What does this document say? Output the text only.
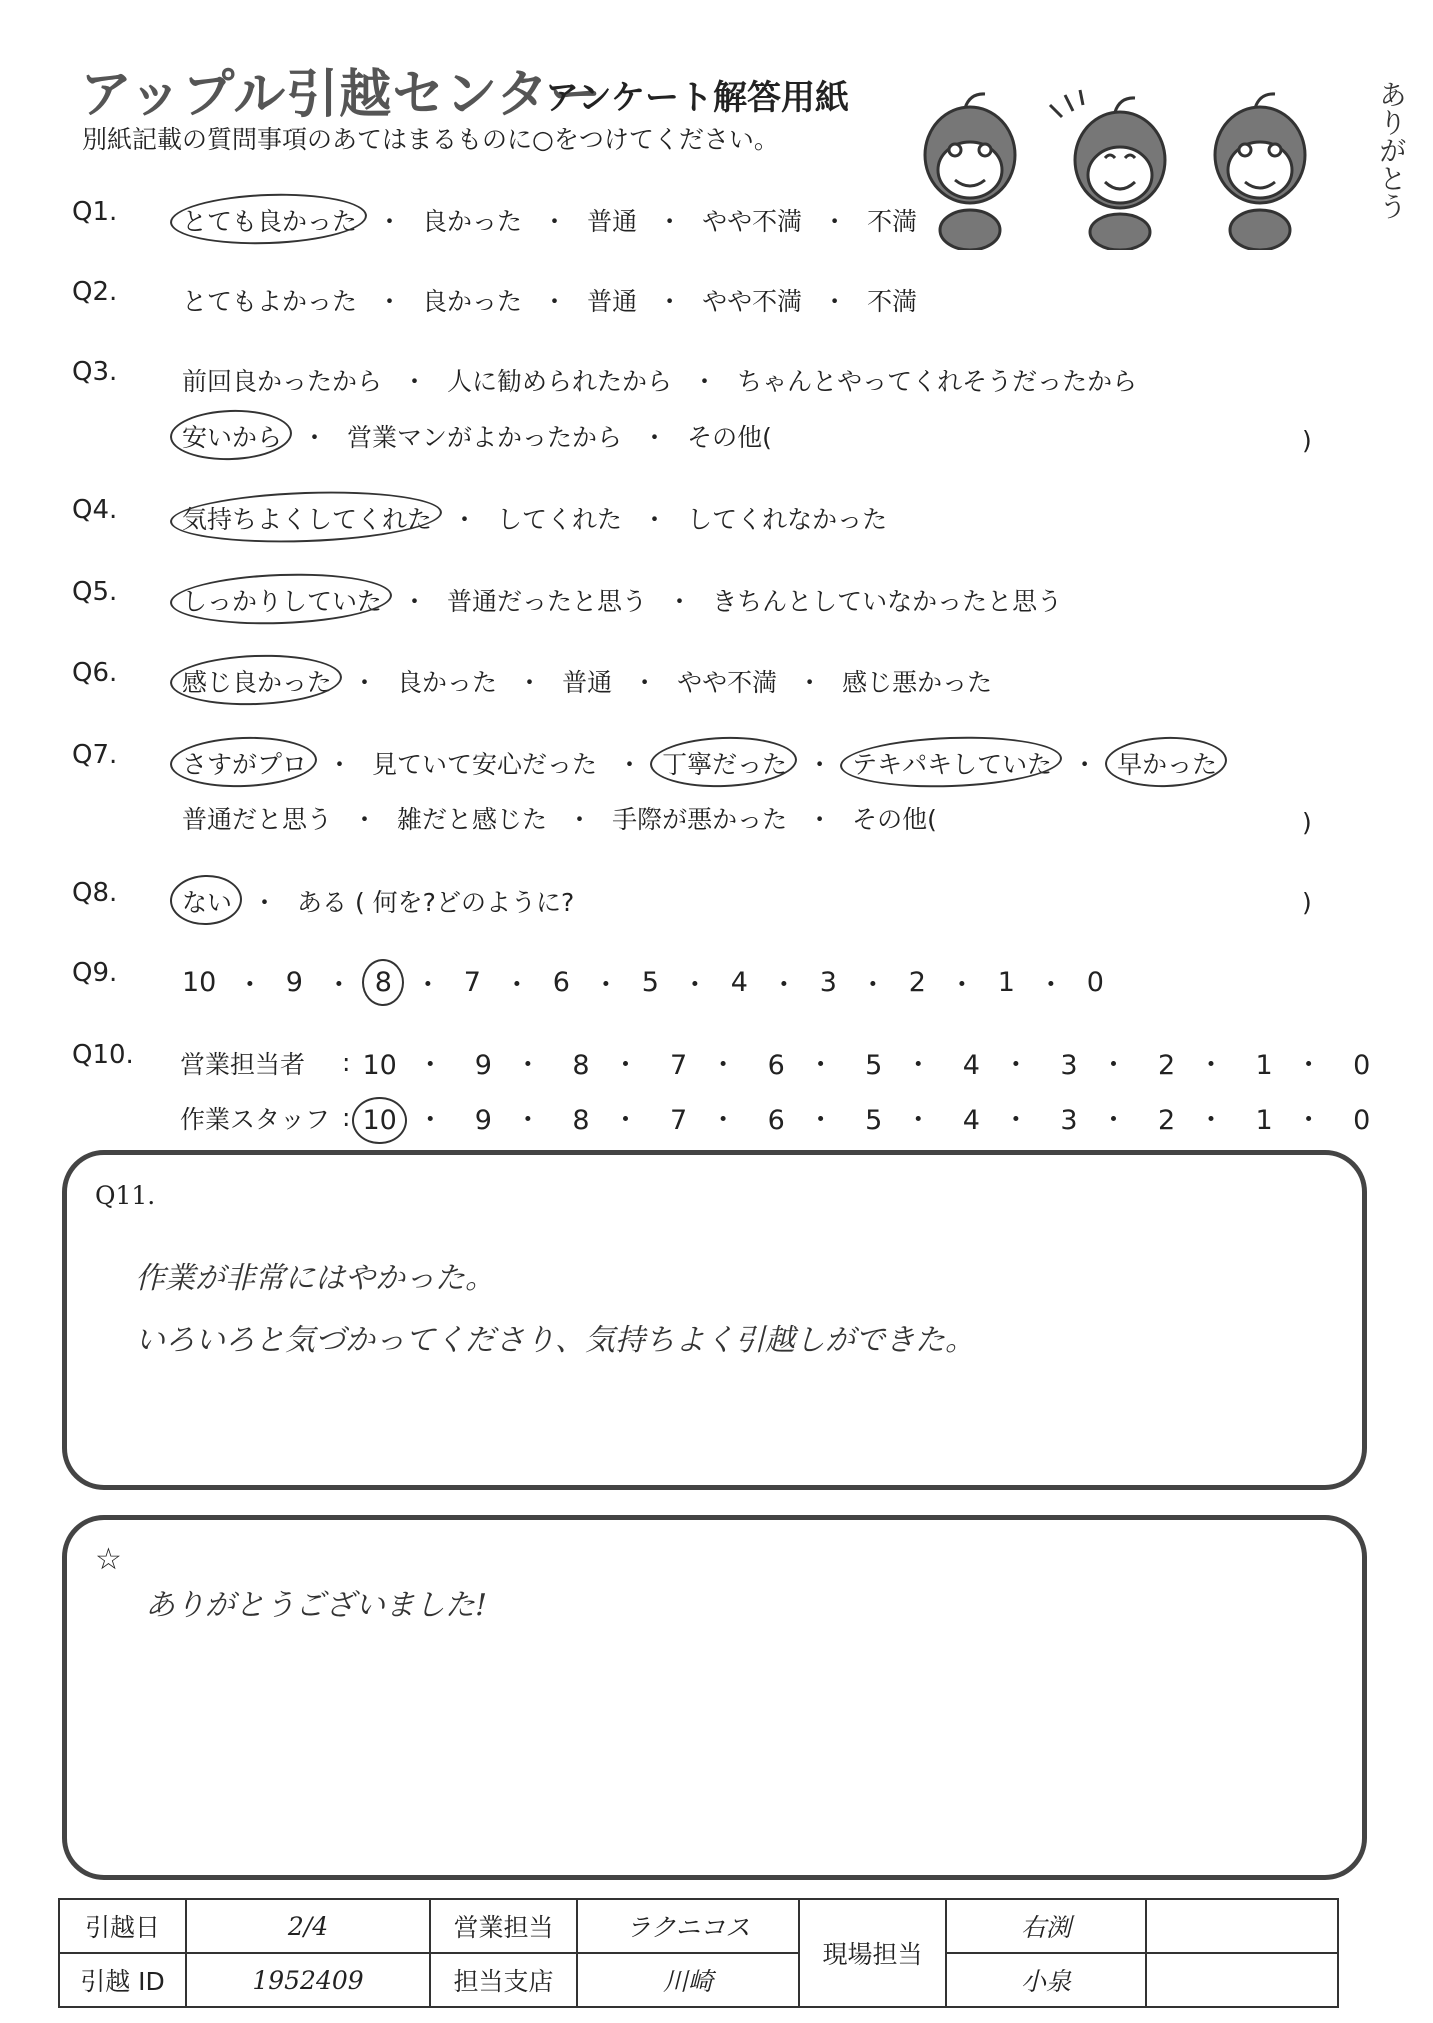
アップル引越センター
アンケート解答用紙
別紙記載の質問事項のあてはまるものに○をつけてください。	ありがとう
Q1.	とても良かった ・ 良かった ・ 普通 ・ やや不満 ・ 不満
Q2.	とてもよかった ・ 良かった ・ 普通 ・ やや不満 ・ 不満
Q3.	前回良かったから ・ 人に勧められたから ・ ちゃんとやってくれそうだったから
安いから ・ 営業マンがよかったから ・ その他(	)
Q4.	気持ちよくしてくれた ・ してくれた ・ してくれなかった
Q5.	しっかりしていた ・ 普通だったと思う ・ きちんとしていなかったと思う
Q6.	感じ良かった ・ 良かった ・ 普通 ・ やや不満 ・ 感じ悪かった
Q7.	さすがプロ ・ 見ていて安心だった ・ 丁寧だった ・ テキパキしていた ・ 早かった
普通だと思う ・ 雑だと感じた ・ 手際が悪かった ・ その他(	)
Q8.	ない ・ ある ( 何を?どのように?	)
Q9. 10 ・ 9 ・ 8 ・ 7 ・ 6 ・ 5 ・ 4 ・ 3 ・ 2 ・ 1 ・ 0
Q10. 営業担当者	: 10 ・ 9 ・ 8 ・ 7 ・ 6 ・ 5 ・ 4 ・ 3 ・ 2 ・ 1 ・ 0
作業スタッフ : 10 ・ 9 ・ 8 ・ 7 ・ 6 ・ 5 ・ 4 ・ 3 ・ 2 ・ 1 ・ 0
Q11.
作業が非常にはやかった。
いろいろと気づかってくださり、気持ちよく引越しができた。
☆
ありがとうございました!
引越日	2/4	営業担当	ラクニコス	現場担当	右渕	
引越 ID	1952409	担当支店	川崎		小泉	
